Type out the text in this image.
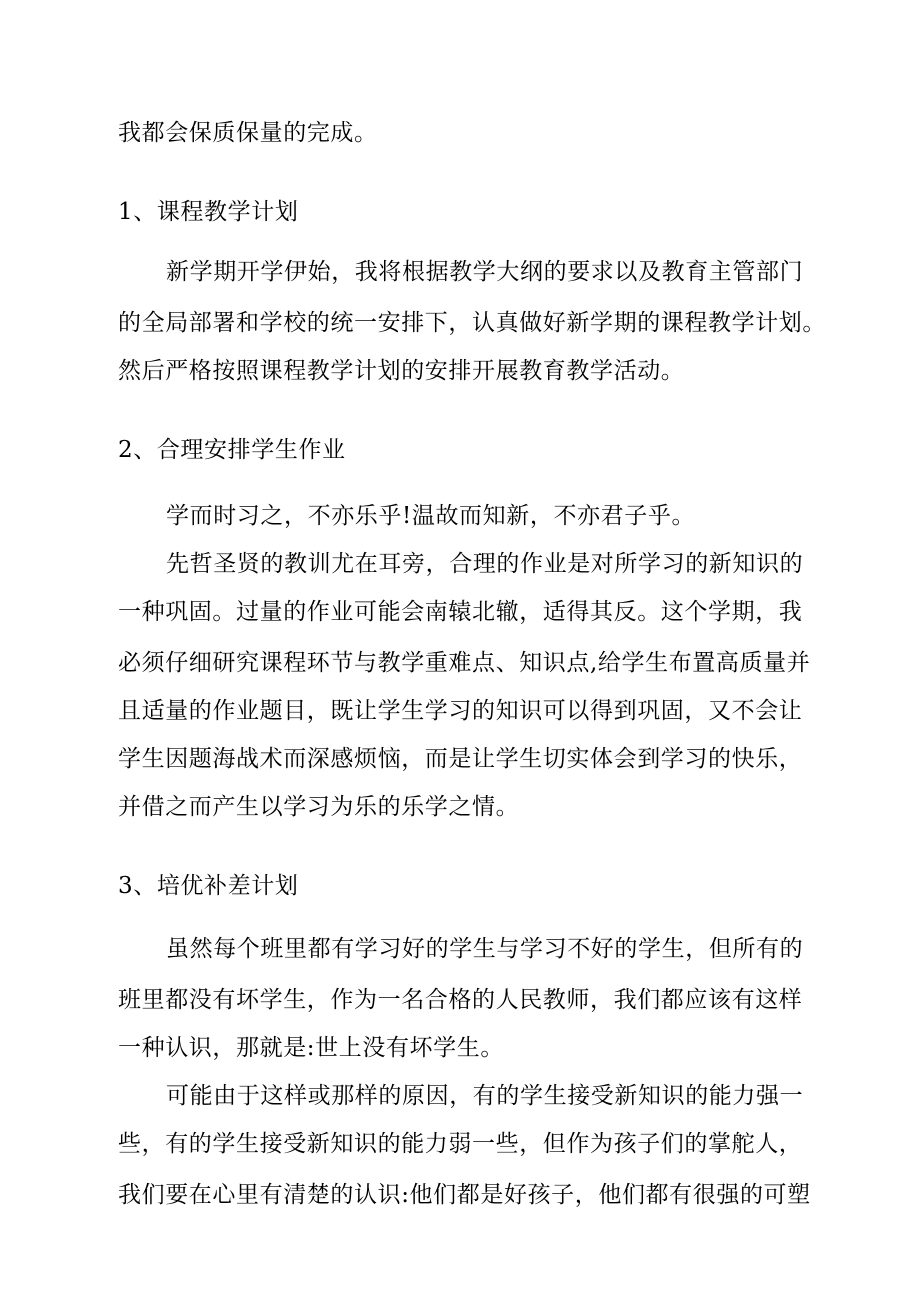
我都会保质保量的完成。
1、课程教学计划
新学期开学伊始，我将根据教学大纲的要求以及教育主管部门
的全局部署和学校的统一安排下，认真做好新学期的课程教学计划。
然后严格按照课程教学计划的安排开展教育教学活动。
2、合理安排学生作业
学而时习之，不亦乐乎!温故而知新，不亦君子乎。
先哲圣贤的教训尤在耳旁，合理的作业是对所学习的新知识的
一种巩固。过量的作业可能会南辕北辙，适得其反。这个学期，我
必须仔细研究课程环节与教学重难点、知识点,给学生布置高质量并
且适量的作业题目，既让学生学习的知识可以得到巩固，又不会让
学生因题海战术而深感烦恼，而是让学生切实体会到学习的快乐，
并借之而产生以学习为乐的乐学之情。
3、培优补差计划
虽然每个班里都有学习好的学生与学习不好的学生，但所有的
班里都没有坏学生，作为一名合格的人民教师，我们都应该有这样
一种认识，那就是:世上没有坏学生。
可能由于这样或那样的原因，有的学生接受新知识的能力强一
些，有的学生接受新知识的能力弱一些，但作为孩子们的掌舵人，
我们要在心里有清楚的认识:他们都是好孩子，他们都有很强的可塑
